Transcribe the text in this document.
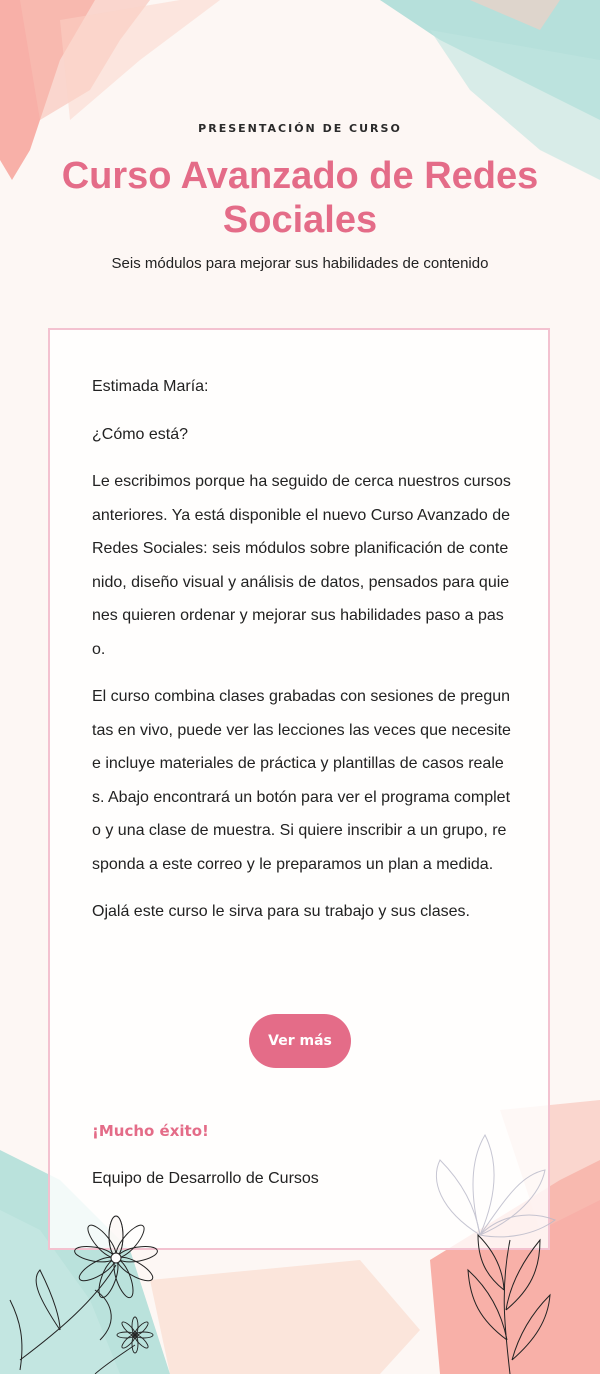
PRESENTACIÓN DE CURSO
Curso Avanzado de Redes Sociales
Seis módulos para mejorar sus habilidades de contenido

Estimada María:

¿Cómo está?

Le escribimos porque ha seguido de cerca nuestros cursos anteriores. Ya está disponible el nuevo Curso Avanzado de Redes Sociales: seis módulos sobre planificación de contenido, diseño visual y análisis de datos, pensados para quienes quieren ordenar y mejorar sus habilidades paso a paso.

El curso combina clases grabadas con sesiones de preguntas en vivo, puede ver las lecciones las veces que necesite e incluye materiales de práctica y plantillas de casos reales. Abajo encontrará un botón para ver el programa completo y una clase de muestra. Si quiere inscribir a un grupo, responda a este correo y le preparamos un plan a medida.

Ojalá este curso le sirva para su trabajo y sus clases.

Ver más
¡Mucho éxito!
Equipo de Desarrollo de Cursos
